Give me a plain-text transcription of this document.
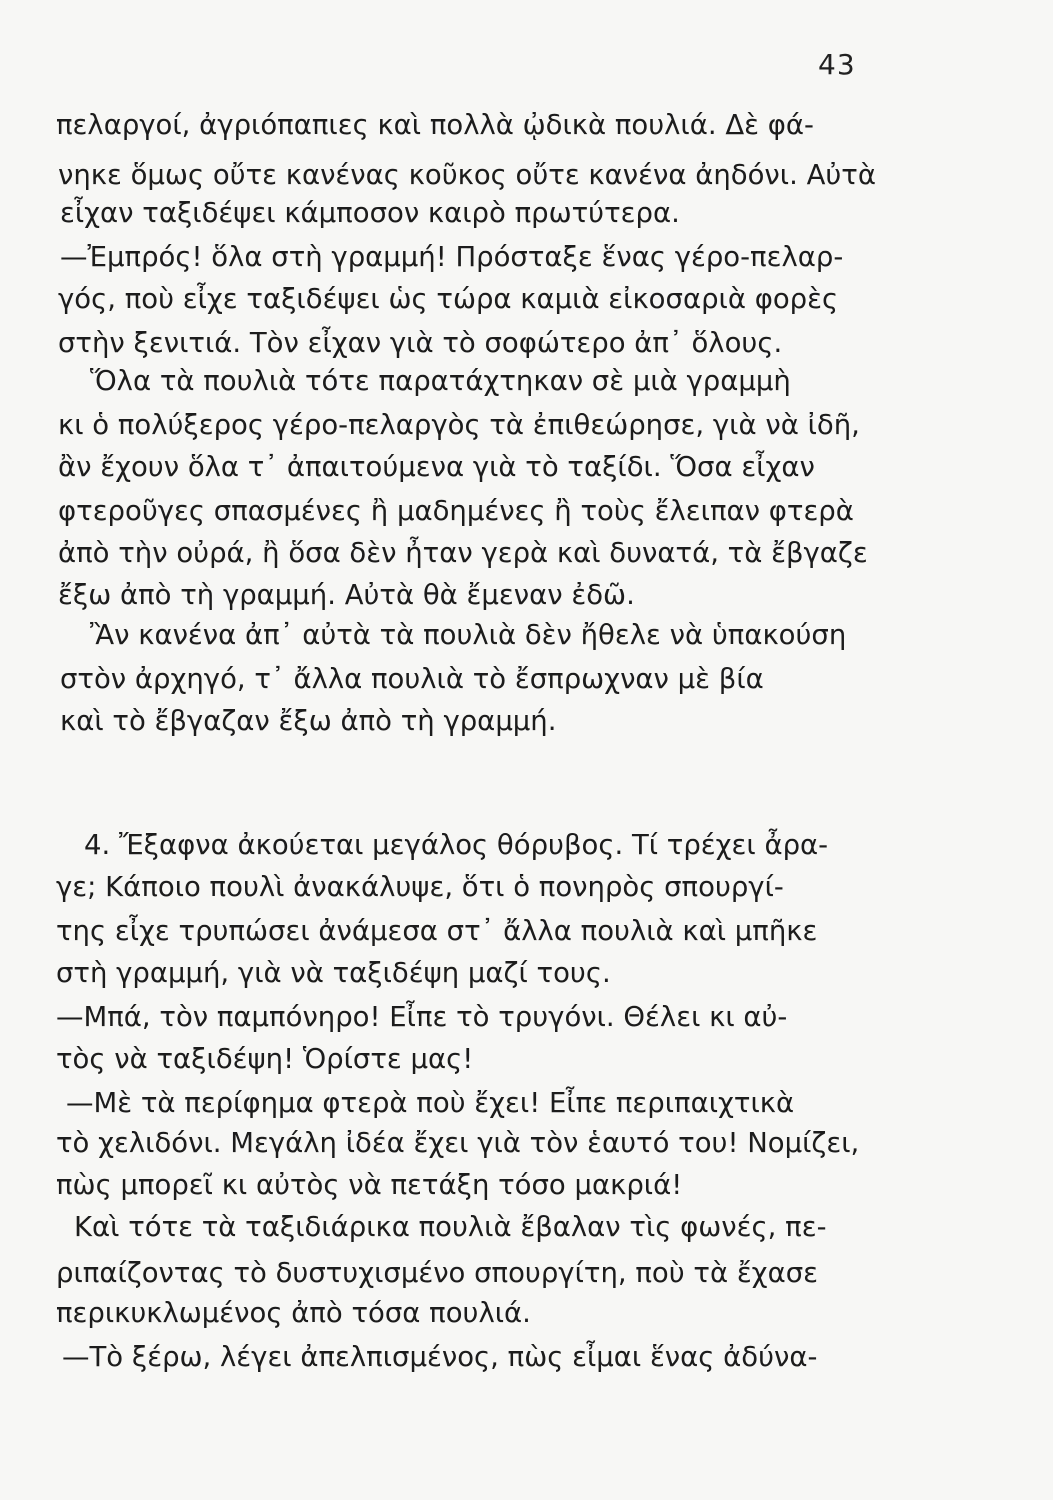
43
πελαργοί, ἀγριόπαπιες καὶ πολλὰ ᾠδικὰ πουλιά. Δὲ φά-
νηκε ὅμως οὔτε κανένας κοῦκος οὔτε κανένα ἀηδόνι. Αὐτὰ
εἶχαν ταξιδέψει κάμποσον καιρὸ πρωτύτερα.
—Ἐμπρός! ὅλα στὴ γραμμή! Πρόσταξε ἕνας γέρο-πελαρ-
γός, ποὺ εἶχε ταξιδέψει ὡς τώρα καμιὰ εἰκοσαριὰ φορὲς
στὴν ξενιτιά. Τὸν εἶχαν γιὰ τὸ σοφώτερο ἀπ᾽ ὅλους.
Ὅλα τὰ πουλιὰ τότε παρατάχτηκαν σὲ μιὰ γραμμὴ
κι ὁ πολύξερος γέρο-πελαργὸς τὰ ἐπιθεώρησε, γιὰ νὰ ἰδῆ,
ἂν ἔχουν ὅλα τ᾽ ἀπαιτούμενα γιὰ τὸ ταξίδι. Ὅσα εἶχαν
φτεροῦγες σπασμένες ἢ μαδημένες ἢ τοὺς ἔλειπαν φτερὰ
ἀπὸ τὴν οὐρά, ἢ ὅσα δὲν ἦταν γερὰ καὶ δυνατά, τὰ ἔβγαζε
ἔξω ἀπὸ τὴ γραμμή. Αὐτὰ θὰ ἔμεναν ἐδῶ.
Ἂν κανένα ἀπ᾽ αὐτὰ τὰ πουλιὰ δὲν ἤθελε νὰ ὑπακούση
στὸν ἀρχηγό, τ᾽ ἄλλα πουλιὰ τὸ ἔσπρωχναν μὲ βία
καὶ τὸ ἔβγαζαν ἔξω ἀπὸ τὴ γραμμή.
4. Ἔξαφνα ἀκούεται μεγάλος θόρυβος. Τί τρέχει ἆρα-
γε; Κάποιο πουλὶ ἀνακάλυψε, ὅτι ὁ πονηρὸς σπουργί-
της εἶχε τρυπώσει ἀνάμεσα στ᾽ ἄλλα πουλιὰ καὶ μπῆκε
στὴ γραμμή, γιὰ νὰ ταξιδέψη μαζί τους.
—Μπά, τὸν παμπόνηρο! Εἶπε τὸ τρυγόνι. Θέλει κι αὐ-
τὸς νὰ ταξιδέψη! Ὁρίστε μας!
—Μὲ τὰ περίφημα φτερὰ ποὺ ἔχει! Εἶπε περιπαιχτικὰ
τὸ χελιδόνι. Μεγάλη ἰδέα ἔχει γιὰ τὸν ἑαυτό του! Νομίζει,
πὼς μπορεῖ κι αὐτὸς νὰ πετάξη τόσο μακριά!
Καὶ τότε τὰ ταξιδιάρικα πουλιὰ ἔβαλαν τὶς φωνές, πε-
ριπαίζοντας τὸ δυστυχισμένο σπουργίτη, ποὺ τὰ ἔχασε
περικυκλωμένος ἀπὸ τόσα πουλιά.
—Τὸ ξέρω, λέγει ἀπελπισμένος, πὼς εἶμαι ἕνας ἀδύνα-
